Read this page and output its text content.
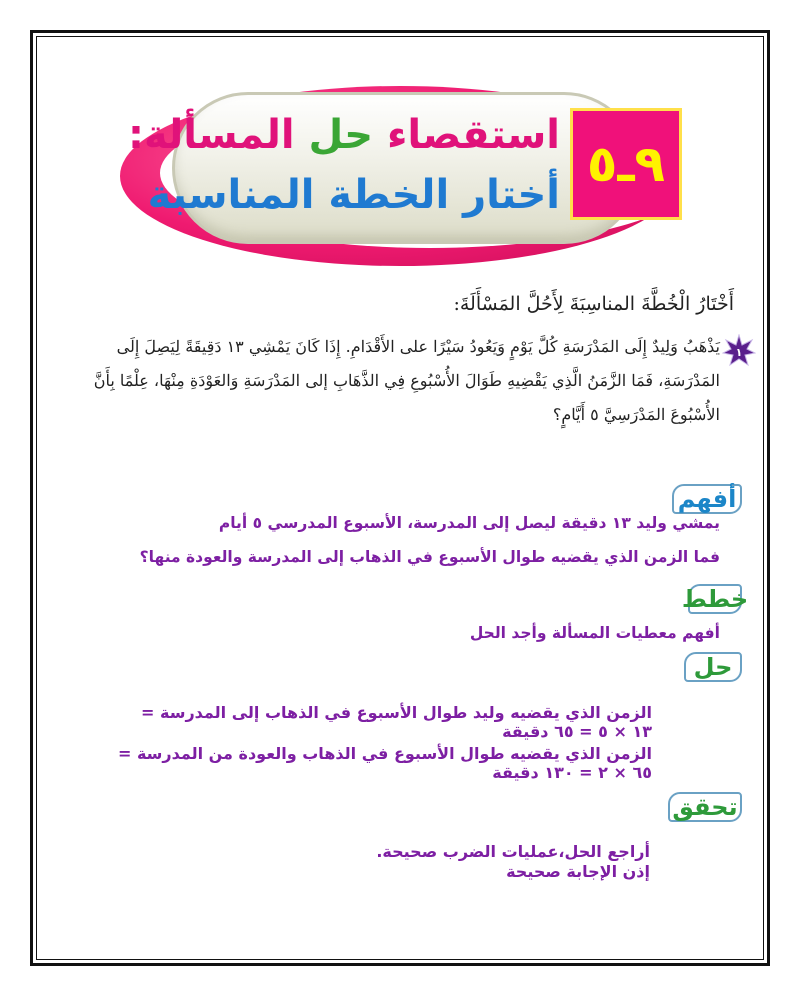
استقصاء حل المسألة:
أختار الخطة المناسبة
٩ـ٥
أَخْتَارُ الْخُطَّةَ المناسِبَةَ لِأَحُلَّ المَسْأَلَةَ:
١
يَذْهَبُ وَلِيدٌ إِلَى المَدْرَسَةِ كُلَّ يَوْمٍ وَيَعُودُ سَيْرًا على الأَقْدَامِ. إِذَا كَانَ يَمْشِي ١٣ دَقِيقَةً لِيَصِلَ إِلَى المَدْرَسَةِ، فَمَا الزَّمَنُ الَّذِي يَقْضِيهِ طَوَالَ الأُسْبُوعِ فِي الذَّهَابِ إلى المَدْرَسَةِ وَالعَوْدَةِ مِنْهَا، عِلْمًا بِأَنَّ الأُسْبُوعَ المَدْرَسِيَّ ٥ أَيَّامٍ؟
أفهم
يمشي وليد ١٣ دقيقة ليصل إلى المدرسة، الأسبوع المدرسي ٥ أيام
فما الزمن الذي يقضيه طوال الأسبوع في الذهاب إلى المدرسة والعودة منها؟
خطط
أفهم معطيات المسألة وأجد الحل
حل
الزمن الذي يقضيه وليد طوال الأسبوع في الذهاب إلى المدرسة =
١٣ × ٥ = ٦٥ دقيقة
الزمن الذي يقضيه طوال الأسبوع في الذهاب والعودة من المدرسة =
٦٥ × ٢ = ١٣٠ دقيقة
تحقق
أراجع الحل،عمليات الضرب صحيحة.
إذن الإجابة صحيحة
